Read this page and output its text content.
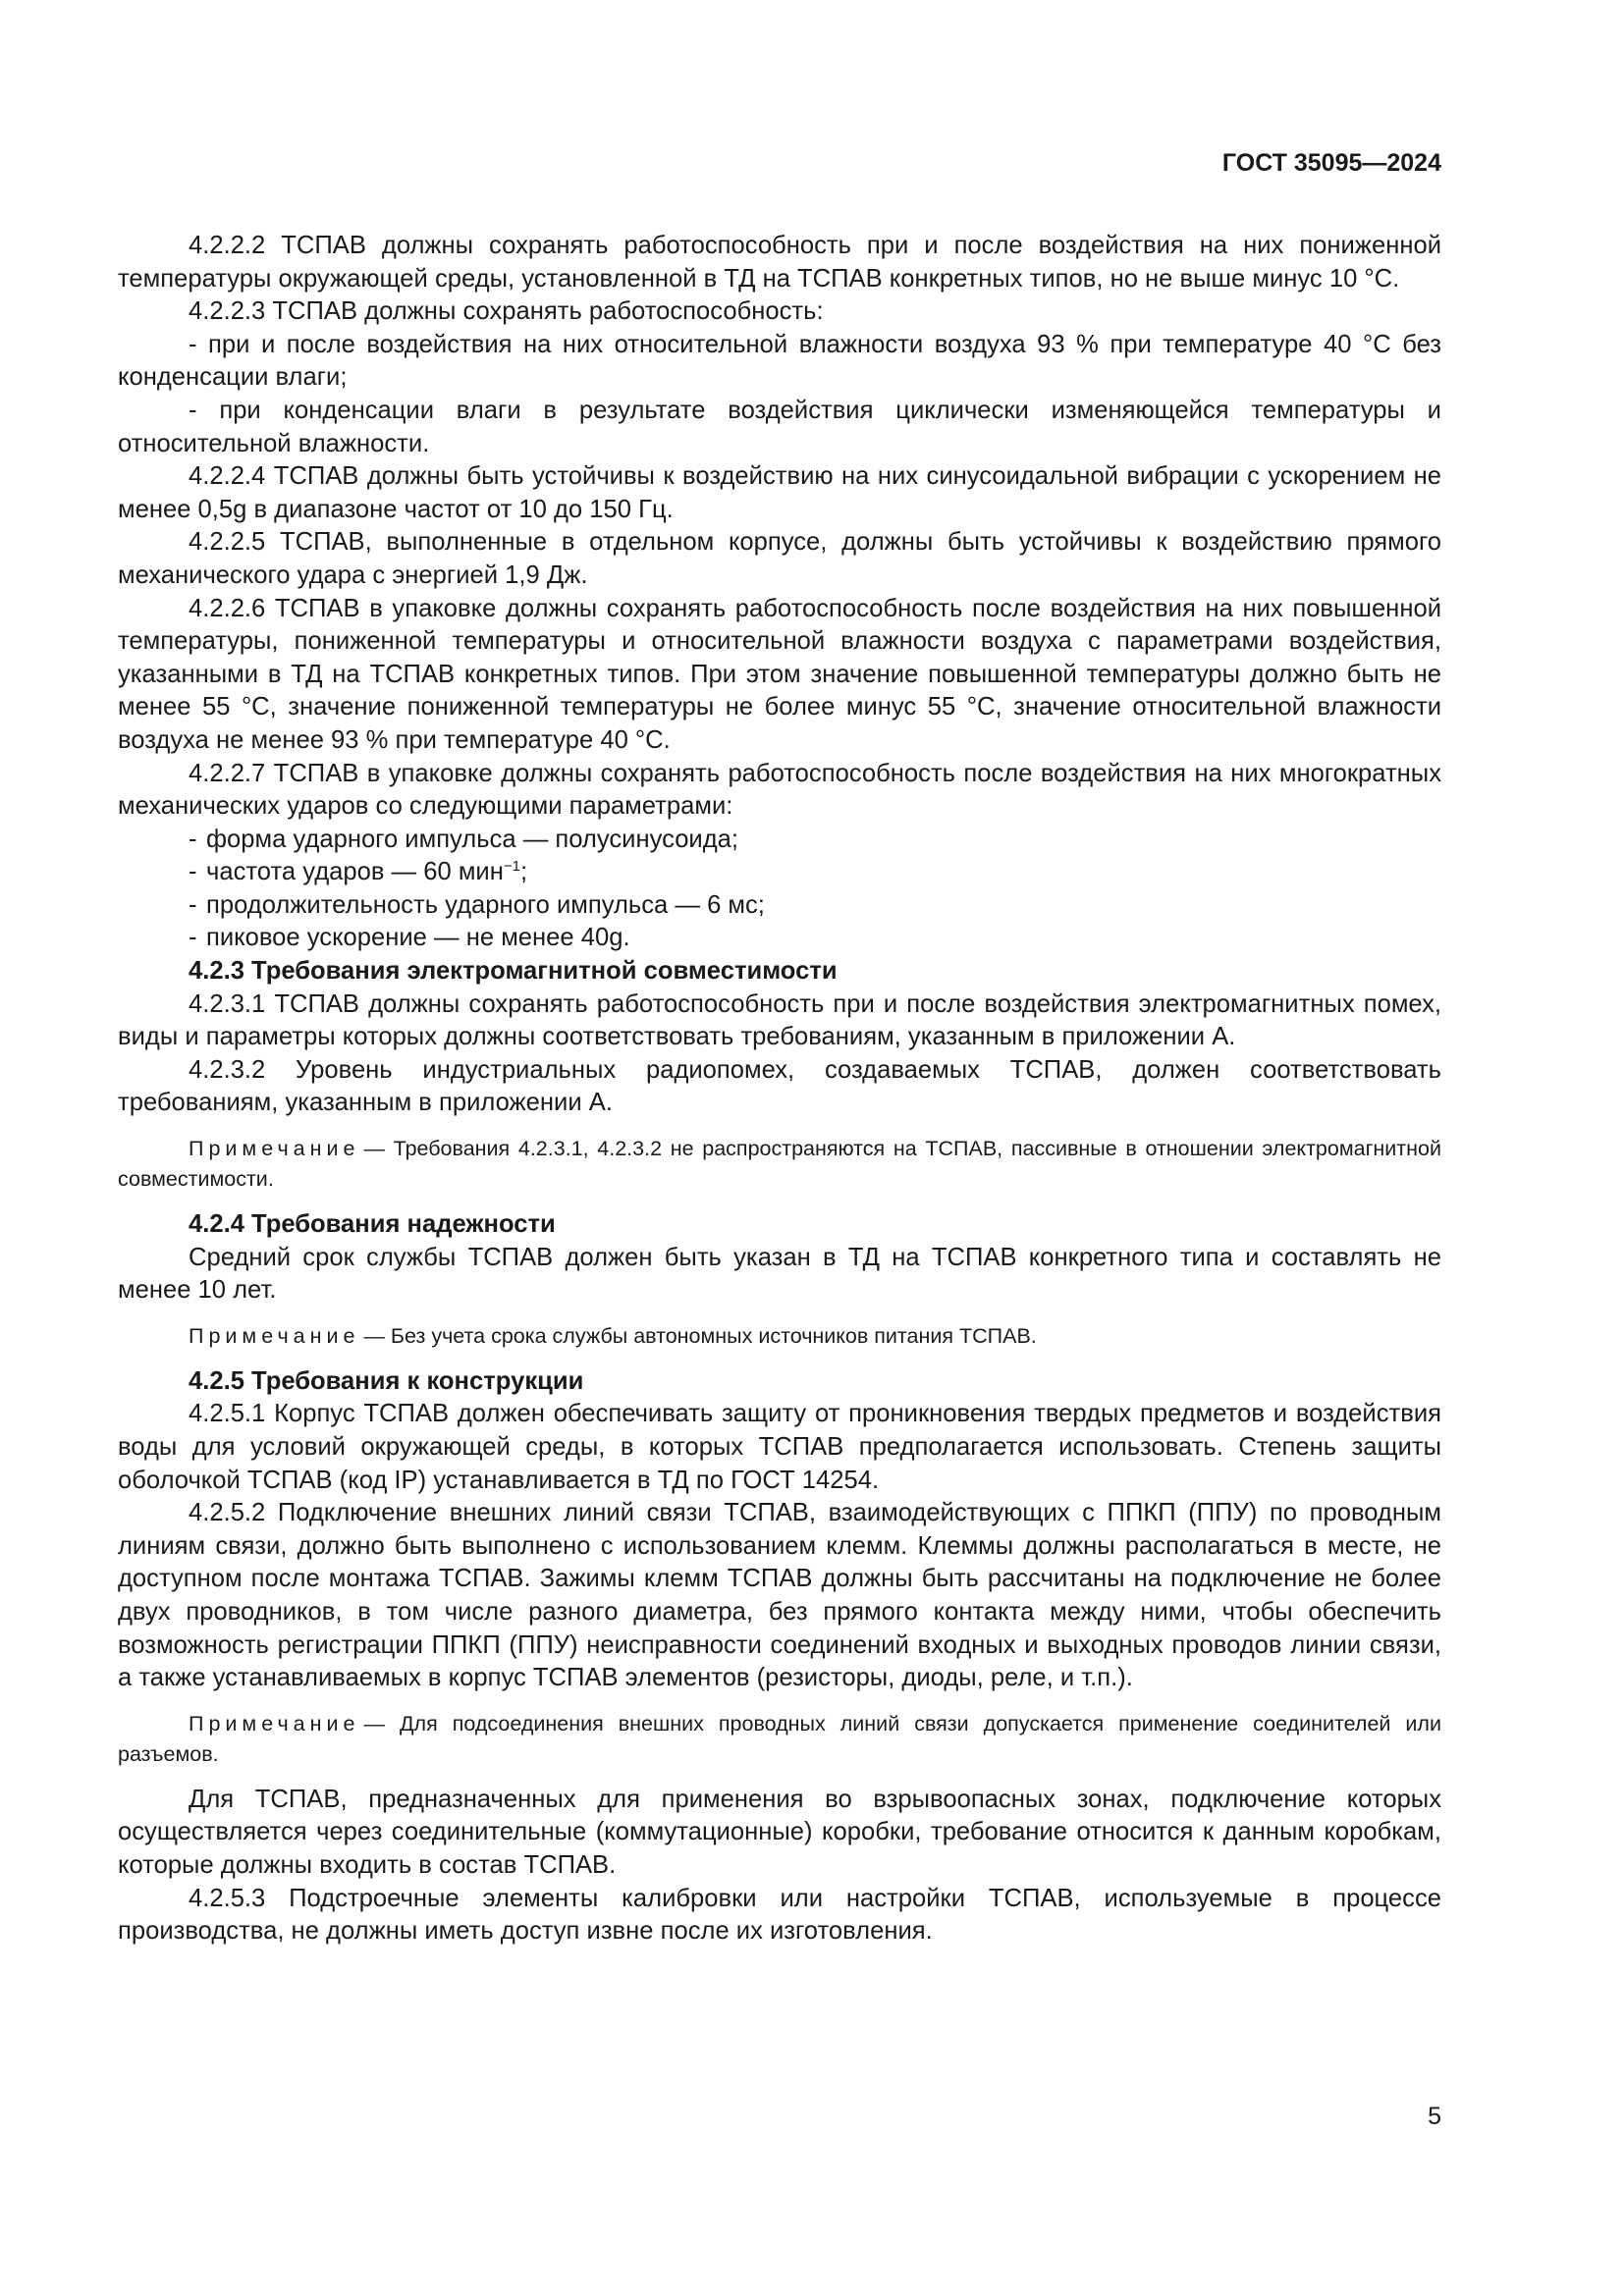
ГОСТ 35095—2024

4.2.2.2 ТСПАВ должны сохранять работоспособность при и после воздействия на них пониженной температуры окружающей среды, установленной в ТД на ТСПАВ конкретных типов, но не выше минус 10 °С.

4.2.2.3 ТСПАВ должны сохранять работоспособность:

- при и после воздействия на них относительной влажности воздуха 93 % при температуре 40 °С без конденсации влаги;

- при конденсации влаги в результате воздействия циклически изменяющейся температуры и относительной влажности.

4.2.2.4 ТСПАВ должны быть устойчивы к воздействию на них синусоидальной вибрации с ускорением не менее 0,5g в диапазоне частот от 10 до 150 Гц.

4.2.2.5 ТСПАВ, выполненные в отдельном корпусе, должны быть устойчивы к воздействию прямого механического удара с энергией 1,9 Дж.

4.2.2.6 ТСПАВ в упаковке должны сохранять работоспособность после воздействия на них повышенной температуры, пониженной температуры и относительной влажности воздуха с параметрами воздействия, указанными в ТД на ТСПАВ конкретных типов. При этом значение повышенной температуры должно быть не менее 55 °С, значение пониженной температуры не более минус 55 °С, значение относительной влажности воздуха не менее 93 % при температуре 40 °С.

4.2.2.7 ТСПАВ в упаковке должны сохранять работоспособность после воздействия на них многократных механических ударов со следующими параметрами:

- форма ударного импульса — полусинусоида;

- частота ударов — 60 мин$^{-1}$;

- продолжительность ударного импульса — 6 мс;

- пиковое ускорение — не менее 40g.

4.2.3 Требования электромагнитной совместимости

4.2.3.1 ТСПАВ должны сохранять работоспособность при и после воздействия электромагнитных помех, виды и параметры которых должны соответствовать требованиям, указанным в приложении А.

4.2.3.2 Уровень индустриальных радиопомех, создаваемых ТСПАВ, должен соответствовать требованиям, указанным в приложении А.

Примечание — Требования 4.2.3.1, 4.2.3.2 не распространяются на ТСПАВ, пассивные в отношении электромагнитной совместимости.

4.2.4 Требования надежности

Средний срок службы ТСПАВ должен быть указан в ТД на ТСПАВ конкретного типа и составлять не менее 10 лет.

Примечание — Без учета срока службы автономных источников питания ТСПАВ.

4.2.5 Требования к конструкции

4.2.5.1 Корпус ТСПАВ должен обеспечивать защиту от проникновения твердых предметов и воздействия воды для условий окружающей среды, в которых ТСПАВ предполагается использовать. Степень защиты оболочкой ТСПАВ (код IP) устанавливается в ТД по ГОСТ 14254.

4.2.5.2 Подключение внешних линий связи ТСПАВ, взаимодействующих с ППКП (ППУ) по проводным линиям связи, должно быть выполнено с использованием клемм. Клеммы должны располагаться в месте, не доступном после монтажа ТСПАВ. Зажимы клемм ТСПАВ должны быть рассчитаны на подключение не более двух проводников, в том числе разного диаметра, без прямого контакта между ними, чтобы обеспечить возможность регистрации ППКП (ППУ) неисправности соединений входных и выходных проводов линии связи, а также устанавливаемых в корпус ТСПАВ элементов (резисторы, диоды, реле, и т.п.).

Примечание — Для подсоединения внешних проводных линий связи допускается применение соединителей или разъемов.

Для ТСПАВ, предназначенных для применения во взрывоопасных зонах, подключение которых осуществляется через соединительные (коммутационные) коробки, требование относится к данным коробкам, которые должны входить в состав ТСПАВ.

4.2.5.3 Подстроечные элементы калибровки или настройки ТСПАВ, используемые в процессе производства, не должны иметь доступ извне после их изготовления.

5
